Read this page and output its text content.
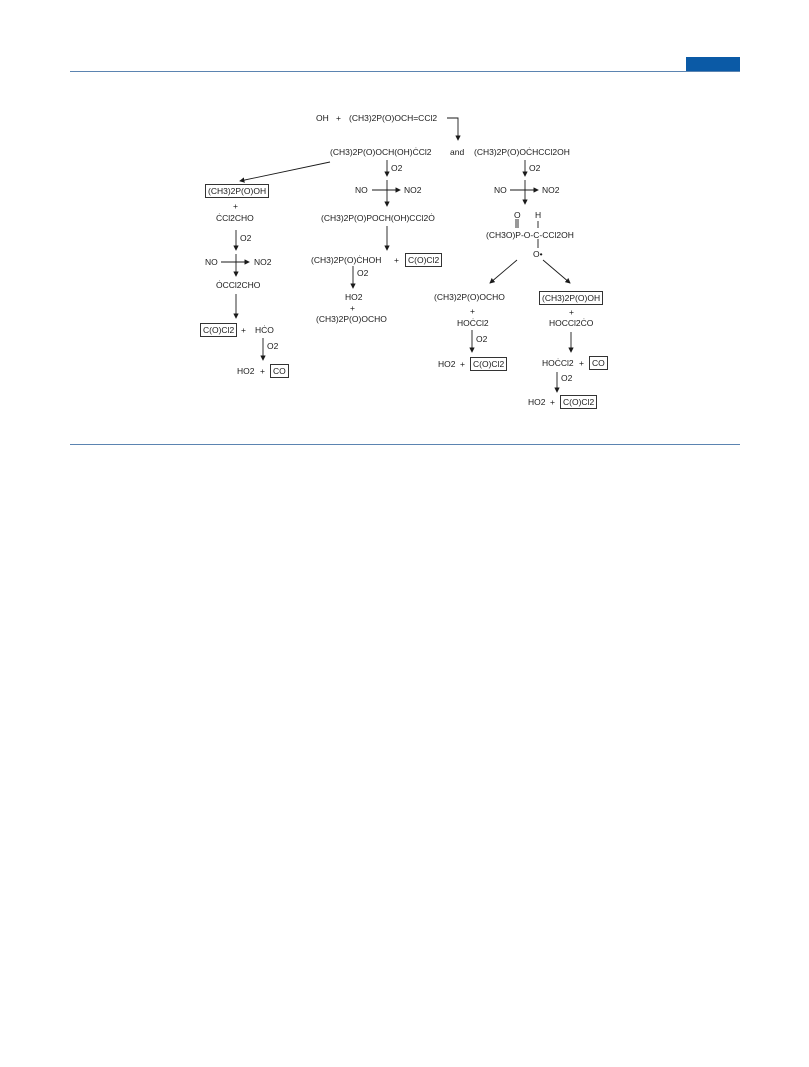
OH + (CH3)2P(O)OCH=CCl2
(CH3)2P(O)OCH(OH)ĊCl2 and (CH3)2P(O)OĊHCCl2OH
O2
NO	NO2
(CH3)2P(O)POCH(OH)CCl2Ȯ
(CH3)2P(O)ĊHOH +	C(O)Cl2
O2
HO2
+
(CH3)2P(O)OCHO
O2
NO	NO2
O H
(CH3O)P-O-C-CCl2OH
O•
(CH3)2P(O)OCHO
+
HOĊCl2
O2
HO2 + C(O)Cl2
(CH3)2P(O)OH
+
HOCCl2ĊO
HOĊCl2 + CO
O2
HO2 + C(O)Cl2
(CH3)2P(O)OH
+
ĊCl2CHO
O2
NO	NO2
ȮCCl2CHO
C(O)Cl2 + HĊO
O2
HO2 + CO
